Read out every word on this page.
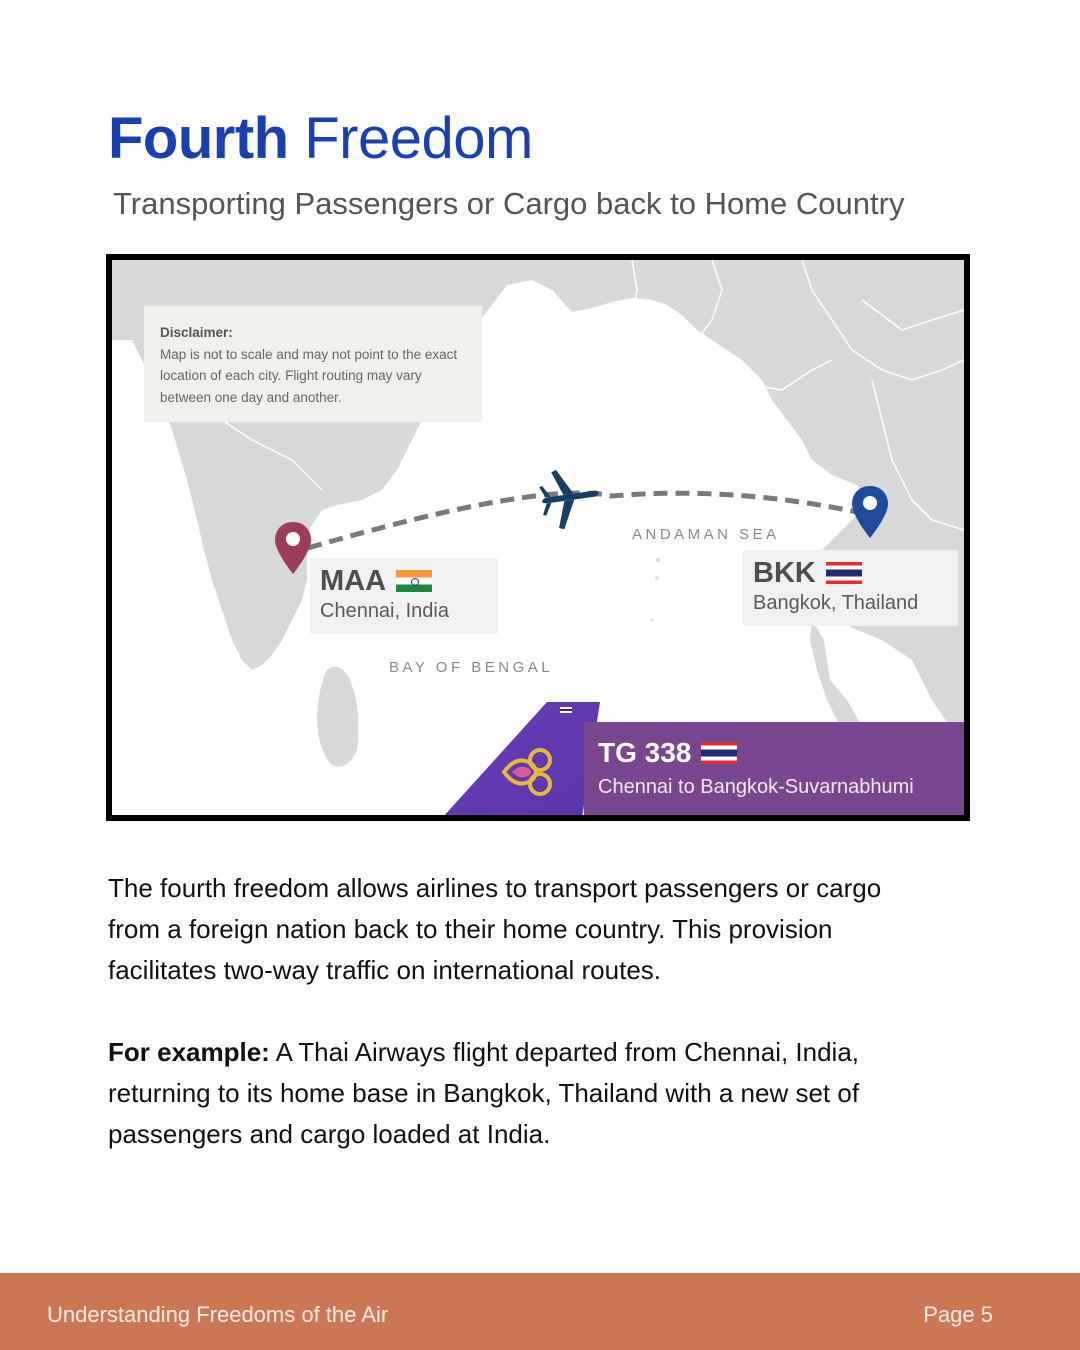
Fourth Freedom
Transporting Passengers or Cargo back to Home Country
Disclaimer:
Map is not to scale and may not point to the exact location of each city. Flight routing may vary between one day and another.
MAA
Chennai, India
BKK
Bangkok, Thailand
ANDAMAN SEA
BAY OF BENGAL
TG 338
Chennai to Bangkok-Suvarnabhumi

The fourth freedom allows airlines to transport passengers or cargo from a foreign nation back to their home country. This provision facilitates two-way traffic on international routes.

For example: A Thai Airways flight departed from Chennai, India, returning to its home base in Bangkok, Thailand with a new set of passengers and cargo loaded at India.

Understanding Freedoms of the Air	Page 5
